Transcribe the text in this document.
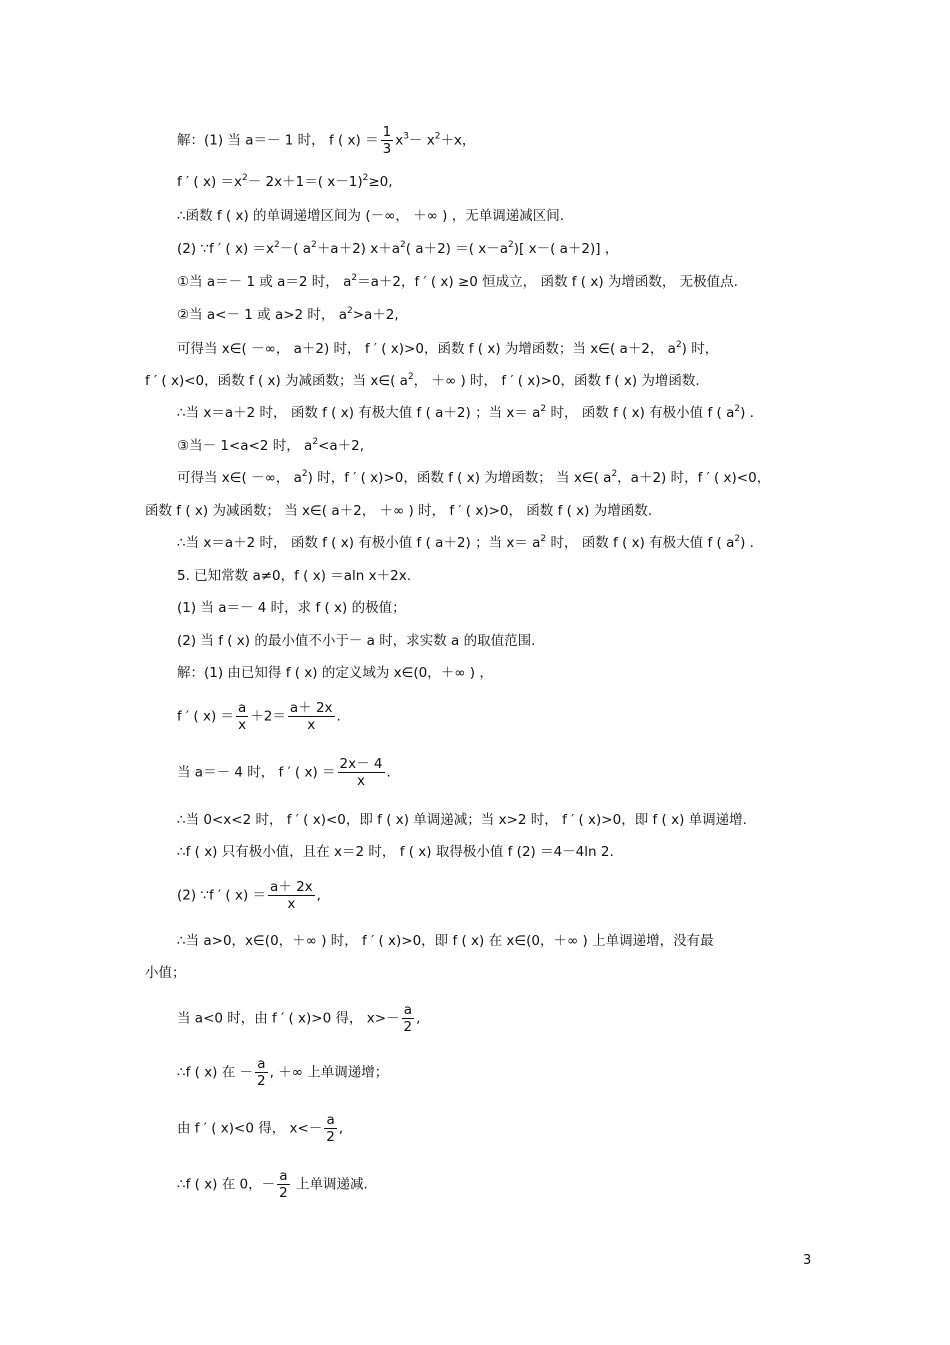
解：(1) 当 a＝－ 1 时， f ( $x) = \frac{1}{3} x^3- x^2+x$，
f ′ ( $x) =x^2- 2x+1=$( x－1)$^2$≥0,
∴函数 f ( x) 的单调递增区间为 (－∞， ＋∞ ) ，无单调递减区间.
(2) ∵f ′ ( $x) =x^2-$( $a^2+a+2$) $x+a^2$( a＋2) ＝( $x-a^2$)[ x－( a＋2)] ，
①当 a＝－ 1 或 a＝2 时， $a^2=a+2$，f ′ ( x) ≥0 恒成立， 函数 f ( x) 为增函数， 无极值点.
②当 a<－ 1 或 a>2 时， $a^2>a+2$,
可得当 x∈( －∞， a＋2) 时， f ′ ( x)>0，函数 f ( x) 为增函数；当 x∈( a＋2， $a^2$) 时，
f ′ ( x)<0，函数 f ( x) 为减函数；当 x∈( $a^2$， ＋∞ ) 时， f ′ ( x)>0，函数 f ( x) 为增函数.
∴当 x＝a＋2 时， 函数 f ( x) 有极大值 f ( a＋2) ；当 $x= a^2$ 时， 函数 f ( x) 有极小值 f ( $a^2$) .
③当－ 1<a<2 时， $a^2<a+2$,
可得当 x∈( －∞， $a^2$) 时，f ′ ( x)>0，函数 f ( x) 为增函数； 当 x∈( $a^2$，a＋2) 时，f ′ ( x)<0，
函数 f ( x) 为减函数； 当 x∈( a＋2， ＋∞ ) 时， f ′ ( x)>0， 函数 f ( x) 为增函数.
∴当 x＝a＋2 时， 函数 f ( x) 有极小值 f ( a＋2) ；当 $x= a^2$ 时， 函数 f ( x) 有极大值 f ( $a^2$) .
5. 已知常数 a≠0，f ( x) ＝aln x＋2x.
(1) 当 a＝－ 4 时，求 f ( x) 的极值；
(2) 当 f ( x) 的最小值不小于－ a 时，求实数 a 的取值范围.
解：(1) 由已知得 f ( x) 的定义域为 x∈(0，＋∞ ) ，
f ′ ( $x) = \frac{a}{x} +2= \frac{a+ 2x}{x}$ .
当 a＝－ 4 时， f ′ ( $x) = \frac{2x- 4}{x}$ .
∴当 0<x<2 时， f ′ ( x)<0，即 f ( x) 单调递减；当 x>2 时， f ′ ( x)>0，即 f ( x) 单调递增.
∴f ( x) 只有极小值，且在 x＝2 时， f ( x) 取得极小值 f (2) ＝4－4ln 2.
(2) ∵f ′ ( $x) = \frac{a+ 2x}{x}$ ,
∴当 a>0，x∈(0，＋∞ ) 时， f ′ ( x)>0，即 f ( x) 在 x∈(0，＋∞ ) 上单调递增，没有最
小值；
当 a<0 时，由 f ′ ( x)>0 得， $x>- \frac{a}{2}$ ,
∴f ( x) 在 － $\frac{a}{2}$ , ＋∞ 上单调递增；
由 f ′ ( x)<0 得， $x<- \frac{a}{2}$ ,
∴f ( x) 在 0，－ $\frac{a}{2}$ 上单调递减.
3
